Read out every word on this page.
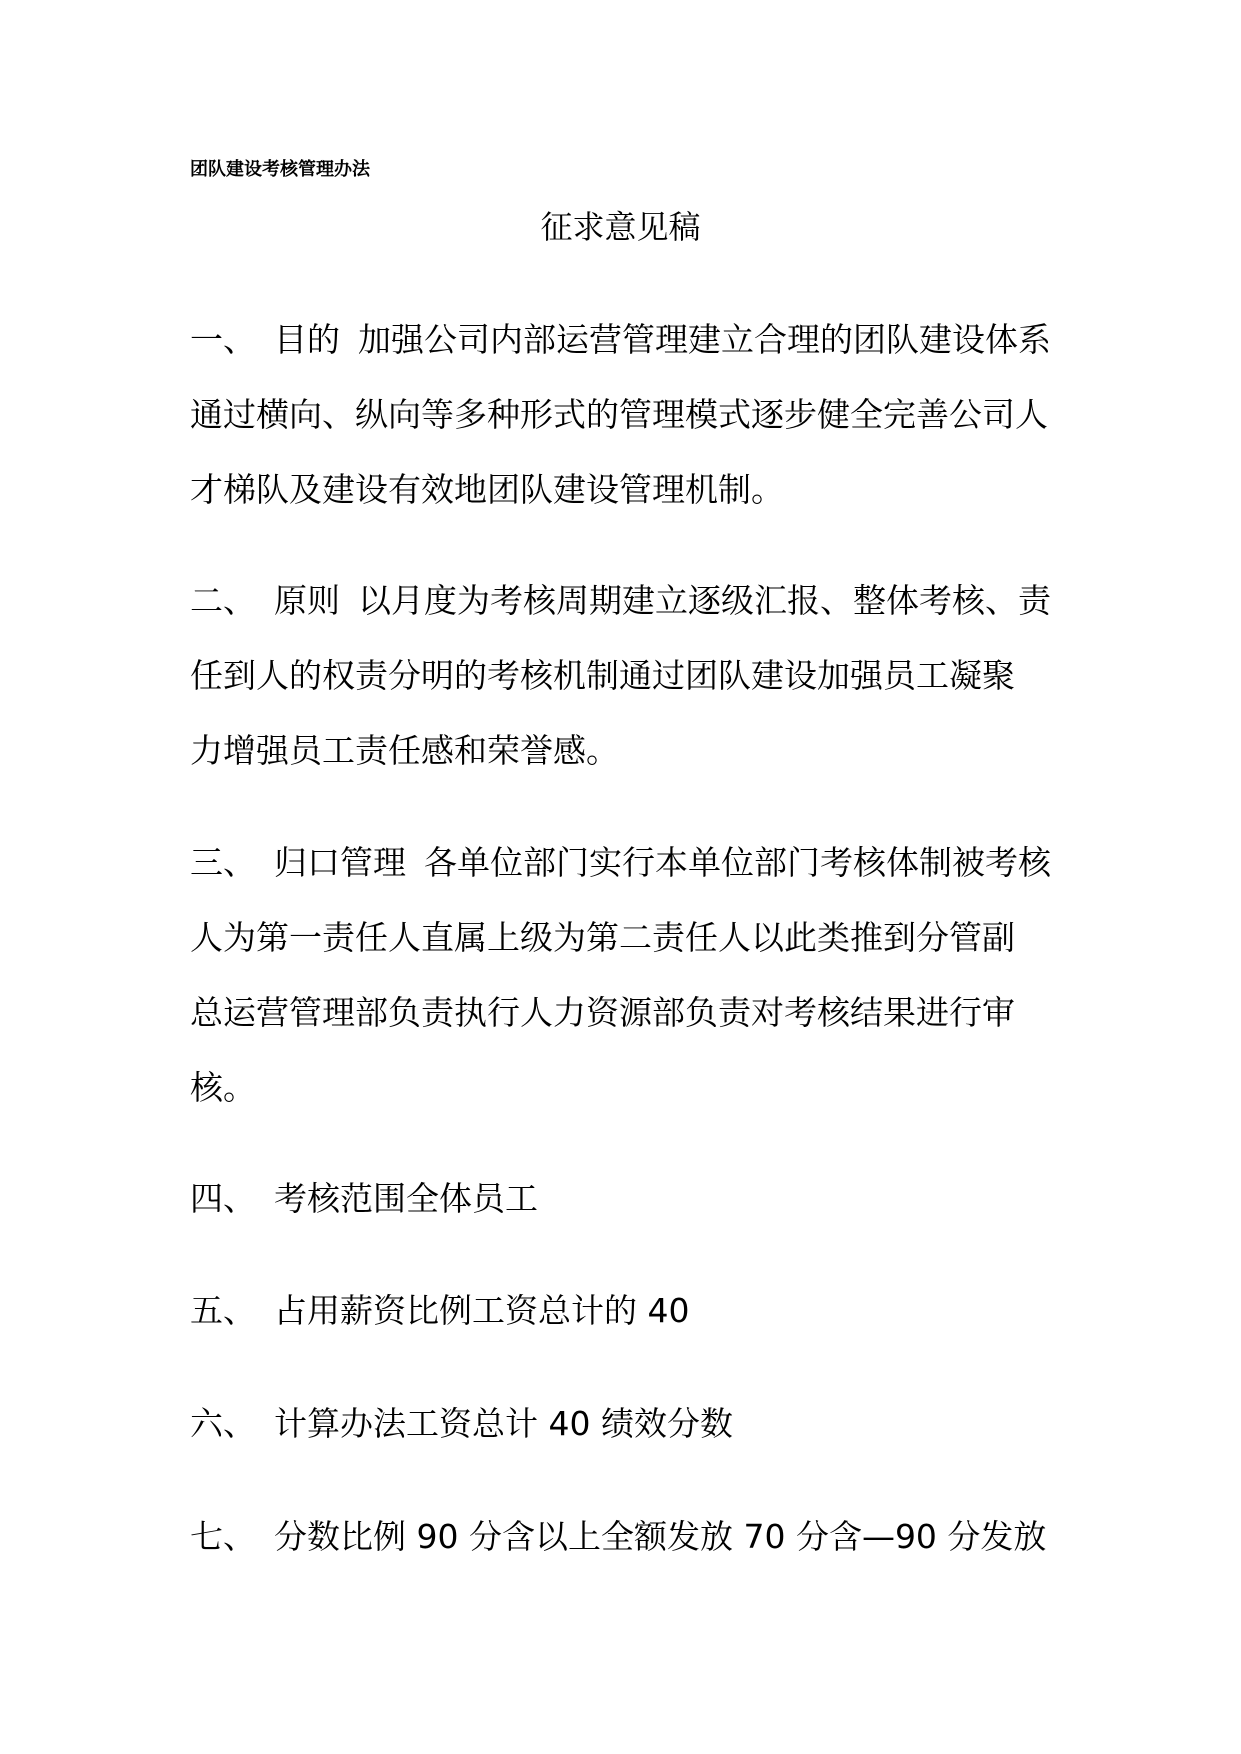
团队建设考核管理办法
征求意见稿
一、 目的 加强公司内部运营管理建立合理的团队建设体系
通过横向、纵向等多种形式的管理模式逐步健全完善公司人
才梯队及建设有效地团队建设管理机制。
二、 原则 以月度为考核周期建立逐级汇报、整体考核、责
任到人的权责分明的考核机制通过团队建设加强员工凝聚
力增强员工责任感和荣誉感。
三、 归口管理 各单位部门实行本单位部门考核体制被考核
人为第一责任人直属上级为第二责任人以此类推到分管副
总运营管理部负责执行人力资源部负责对考核结果进行审
核。
四、 考核范围全体员工
五、 占用薪资比例工资总计的 40
六、 计算办法工资总计 40 绩效分数
七、 分数比例 90 分含以上全额发放 70 分含—90 分发放
